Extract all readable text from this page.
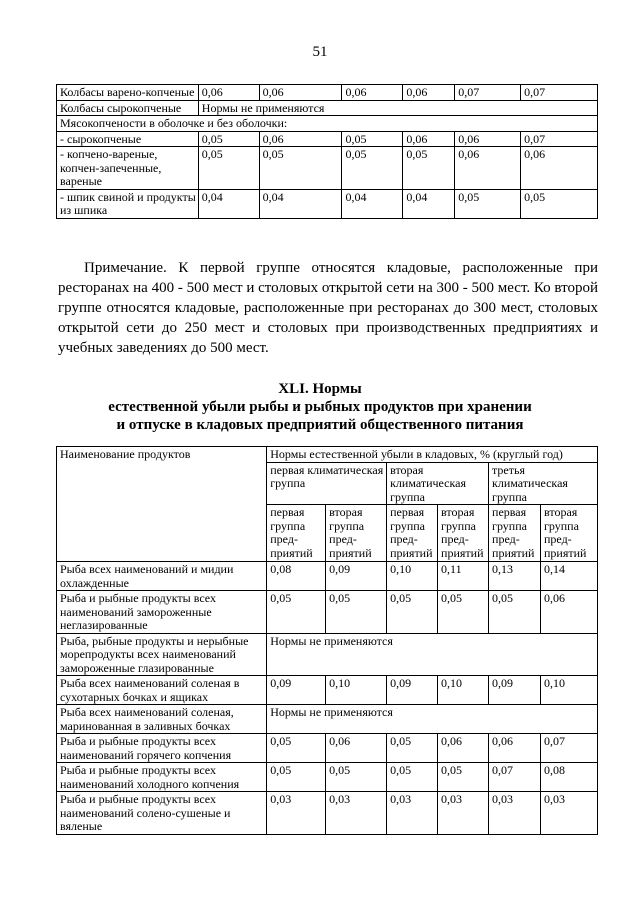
51
Колбасы варено-копченые	0,06	0,06	0,06	0,06	0,07	0,07
Колбасы сырокопченые	Нормы не применяются					
Мясокопчености в оболочке и без оболочки:						
- сырокопченые	0,05	0,06	0,05	0,06	0,06	0,07
- копчено-вареные, копчен-запеченные, вареные	0,05	0,05	0,05	0,05	0,06	0,06
- шпик свиной и продукты из шпика	0,04	0,04	0,04	0,04	0,05	0,05

Примечание. К первой группе относятся кладовые, расположенные при ресторанах на 400 - 500 мест и столовых открытой сети на 300 - 500 мест. Ко второй группе относятся кладовые, расположенные при ресторанах до 300 мест, столовых открытой сети до 250 мест и столовых при производственных предприятиях и учебных заведениях до 500 мест.

XLI. Нормы
естественной убыли рыбы и рыбных продуктов при хранении
и отпуске в кладовых предприятий общественного питания
Наименование продуктов	Нормы естественной убыли в кладовых, % (круглый год)					
	первая климатическая группа		вторая климатическая группа		третья климатическая группа	
	первая группа пред-приятий	вторая группа пред-приятий	первая группа пред-приятий	вторая группа пред-приятий	первая группа пред-приятий	вторая группа пред-приятий
Рыба всех наименований и мидии охлажденные	0,08	0,09	0,10	0,11	0,13	0,14
Рыба и рыбные продукты всех наименований замороженные неглазированные	0,05	0,05	0,05	0,05	0,05	0,06
Рыба, рыбные продукты и нерыбные морепродукты всех наименований замороженные глазированные	Нормы не применяются					
Рыба всех наименований соленая в сухотарных бочках и ящиках	0,09	0,10	0,09	0,10	0,09	0,10
Рыба всех наименований соленая, маринованная в заливных бочках	Нормы не применяются					
Рыба и рыбные продукты всех наименований горячего копчения	0,05	0,06	0,05	0,06	0,06	0,07
Рыба и рыбные продукты всех наименований холодного копчения	0,05	0,05	0,05	0,05	0,07	0,08
Рыба и рыбные продукты всех наименований солено-сушеные и вяленые	0,03	0,03	0,03	0,03	0,03	0,03
